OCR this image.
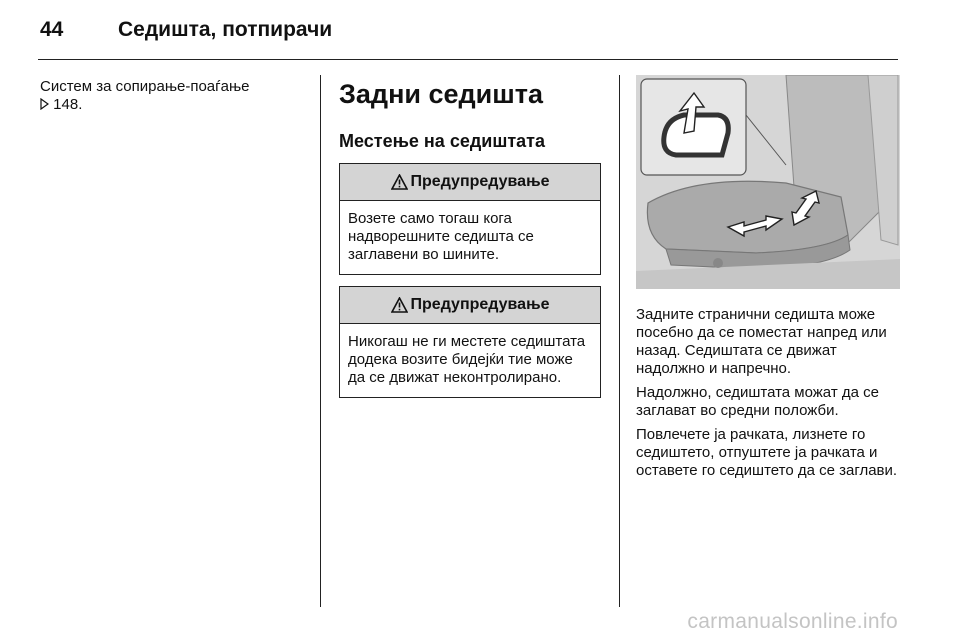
44	Седишта, потпирачи
Систем за сопирање-поаѓање
148.	Задни седишта
Местење на седиштата
Предупредување
Возете само тогаш кога надворешните седишта се заглавени во шините.
Предупредување
Никогаш не ги местете седиштата додека возите бидејќи тие може да се движат неконтролирано.

Задните странични седишта може посебно да се поместат напред или назад. Седиштата се движат надолжно и напречно.

Надолжно, седиштата можат да се заглават во средни положби.

Повлечете ја рачката, лизнете го седиштето, отпуштете ја рачката и оставете го седиштето да се заглави.

carmanualsonline.info
